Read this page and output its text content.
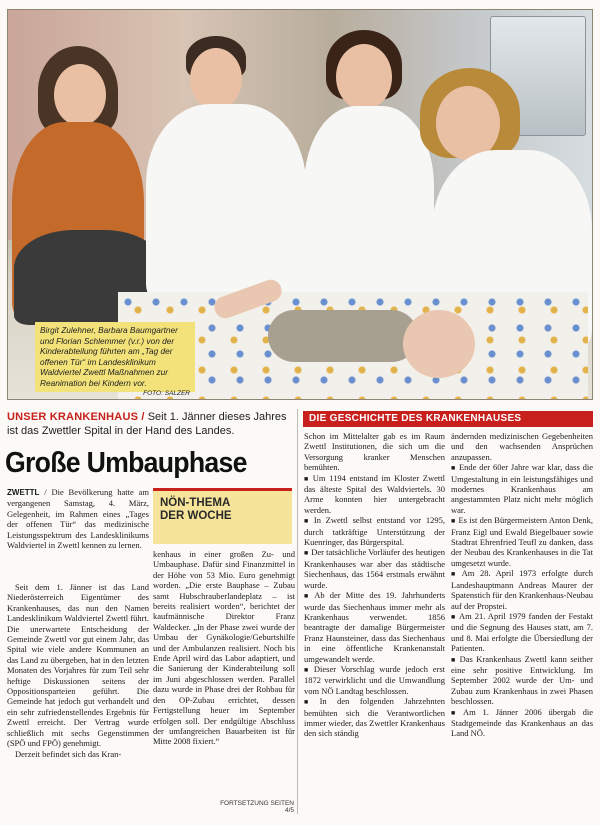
Birgit Zulehner, Barbara Baumgartner und Florian Schlemmer (v.r.) von der Kinderabteilung führten am „Tag der offenen Tür“ im Landesklinikum Waldviertel Zwettl Maßnahmen zur Reanimation bei Kindern vor.
FOTO: SALZER
UNSER KRANKENHAUS / Seit 1. Jänner dieses Jahres ist das Zwettler Spital in der Hand des Landes.
Große Umbauphase
DIE GESCHICHTE DES KRANKENHAUSES

ZWETTL / Die Bevölkerung hatte am vergangenen Samstag, 4. März, Gelegenheit, im Rahmen eines „Tages der offenen Tür“ das medizinische Leistungsspektrum des Landesklinikums Waldviertel in Zwettl kennen zu lernen.

Seit dem 1. Jänner ist das Land Niederösterreich Eigentümer des Krankenhauses, das nun den Namen Landesklinikum Waldviertel Zwettl führt. Die unerwartete Entscheidung der Gemeinde Zwettl vor gut einem Jahr, das Spital wie viele andere Kommunen an das Land zu übergeben, hat in den letzten Monaten des Vorjahres für zum Teil sehr heftige Diskussionen seitens der Oppositionsparteien geführt. Die Gemeinde hat jedoch gut verhandelt und ein sehr zufriedenstellendes Ergebnis für Zwettl erreicht. Der Vertrag wurde schließlich mit sechs Gegenstimmen (SPÖ und FPÖ) genehmigt.

Derzeit befindet sich das Kran-

NÖN-THEMA
DER WOCHE

kenhaus in einer großen Zu- und Umbauphase. Dafür sind Finanzmittel in der Höhe von 53 Mio. Euro genehmigt worden. „Die erste Bauphase – Zubau samt Hubschrauberlandeplatz – ist bereits realisiert worden“, berichtet der kaufmännische Direktor Franz Waldecker. „In der Phase zwei wurde der Umbau der Gynäkologie/Geburtshilfe und der Ambulanzen realisiert. Noch bis Ende April wird das Labor adaptiert, und die Sanierung der Kinderabteilung soll im Juni abgeschlossen werden. Parallel dazu wurde in Phase drei der Rohbau für den OP-Zubau errichtet, dessen Fertigstellung heuer im September erfolgen soll. Der endgültige Abschluss der umfangreichen Bauarbeiten ist für Mitte 2008 fixiert.“

FORTSETZUNG SEITEN 4/5

Schon im Mittelalter gab es im Raum Zwettl Institutionen, die sich um die Versorgung kranker Menschen bemühten.

■ Um 1194 entstand im Kloster Zwettl das älteste Spital des Waldviertels. 30 Arme konnten hier untergebracht werden.

■ In Zwettl selbst entstand vor 1295, durch tatkräftige Unterstützung der Kuenringer, das Bürgerspital.

■ Der tatsächliche Vorläufer des heutigen Krankenhauses war aber das städtische Siechenhaus, das 1564 erstmals erwähnt wurde.

■ Ab der Mitte des 19. Jahrhunderts wurde das Siechenhaus immer mehr als Krankenhaus verwendet. 1856 beantragte der damalige Bürgermeister Franz Haunsteiner, dass das Siechenhaus in eine öffentliche Krankenanstalt umgewandelt werde.

■ Dieser Vorschlag wurde jedoch erst 1872 verwirklicht und die Umwandlung vom NÖ Landtag beschlossen.

■ In den folgenden Jahrzehnten bemühten sich die Verantwortlichen immer wieder, das Zwettler Krankenhaus den sich ständig

ändernden medizinischen Gegebenheiten und den wachsenden Ansprüchen anzupassen.

■ Ende der 60er Jahre war klar, dass die Umgestaltung in ein leistungsfähiges und modernes Krankenhaus am angestammten Platz nicht mehr möglich war.

■ Es ist den Bürgermeistern Anton Denk, Franz Eigl und Ewald Biegelbauer sowie Stadtrat Ehrenfried Teufl zu danken, dass der Neubau des Krankenhauses in die Tat umgesetzt wurde.

■ Am 28. April 1973 erfolgte durch Landeshauptmann Andreas Maurer der Spatenstich für den Krankenhaus-Neubau auf der Propstei.

■ Am 21. April 1979 fanden der Festakt und die Segnung des Hauses statt, am 7. und 8. Mai erfolgte die Übersiedlung der Patienten.

■ Das Krankenhaus Zwettl kann seither eine sehr positive Entwicklung. Im September 2002 wurde der Um- und Zubau zum Krankenhaus in zwei Phasen beschlossen.

■ Am 1. Jänner 2006 übergab die Stadtgemeinde das Krankenhaus an das Land NÖ.
